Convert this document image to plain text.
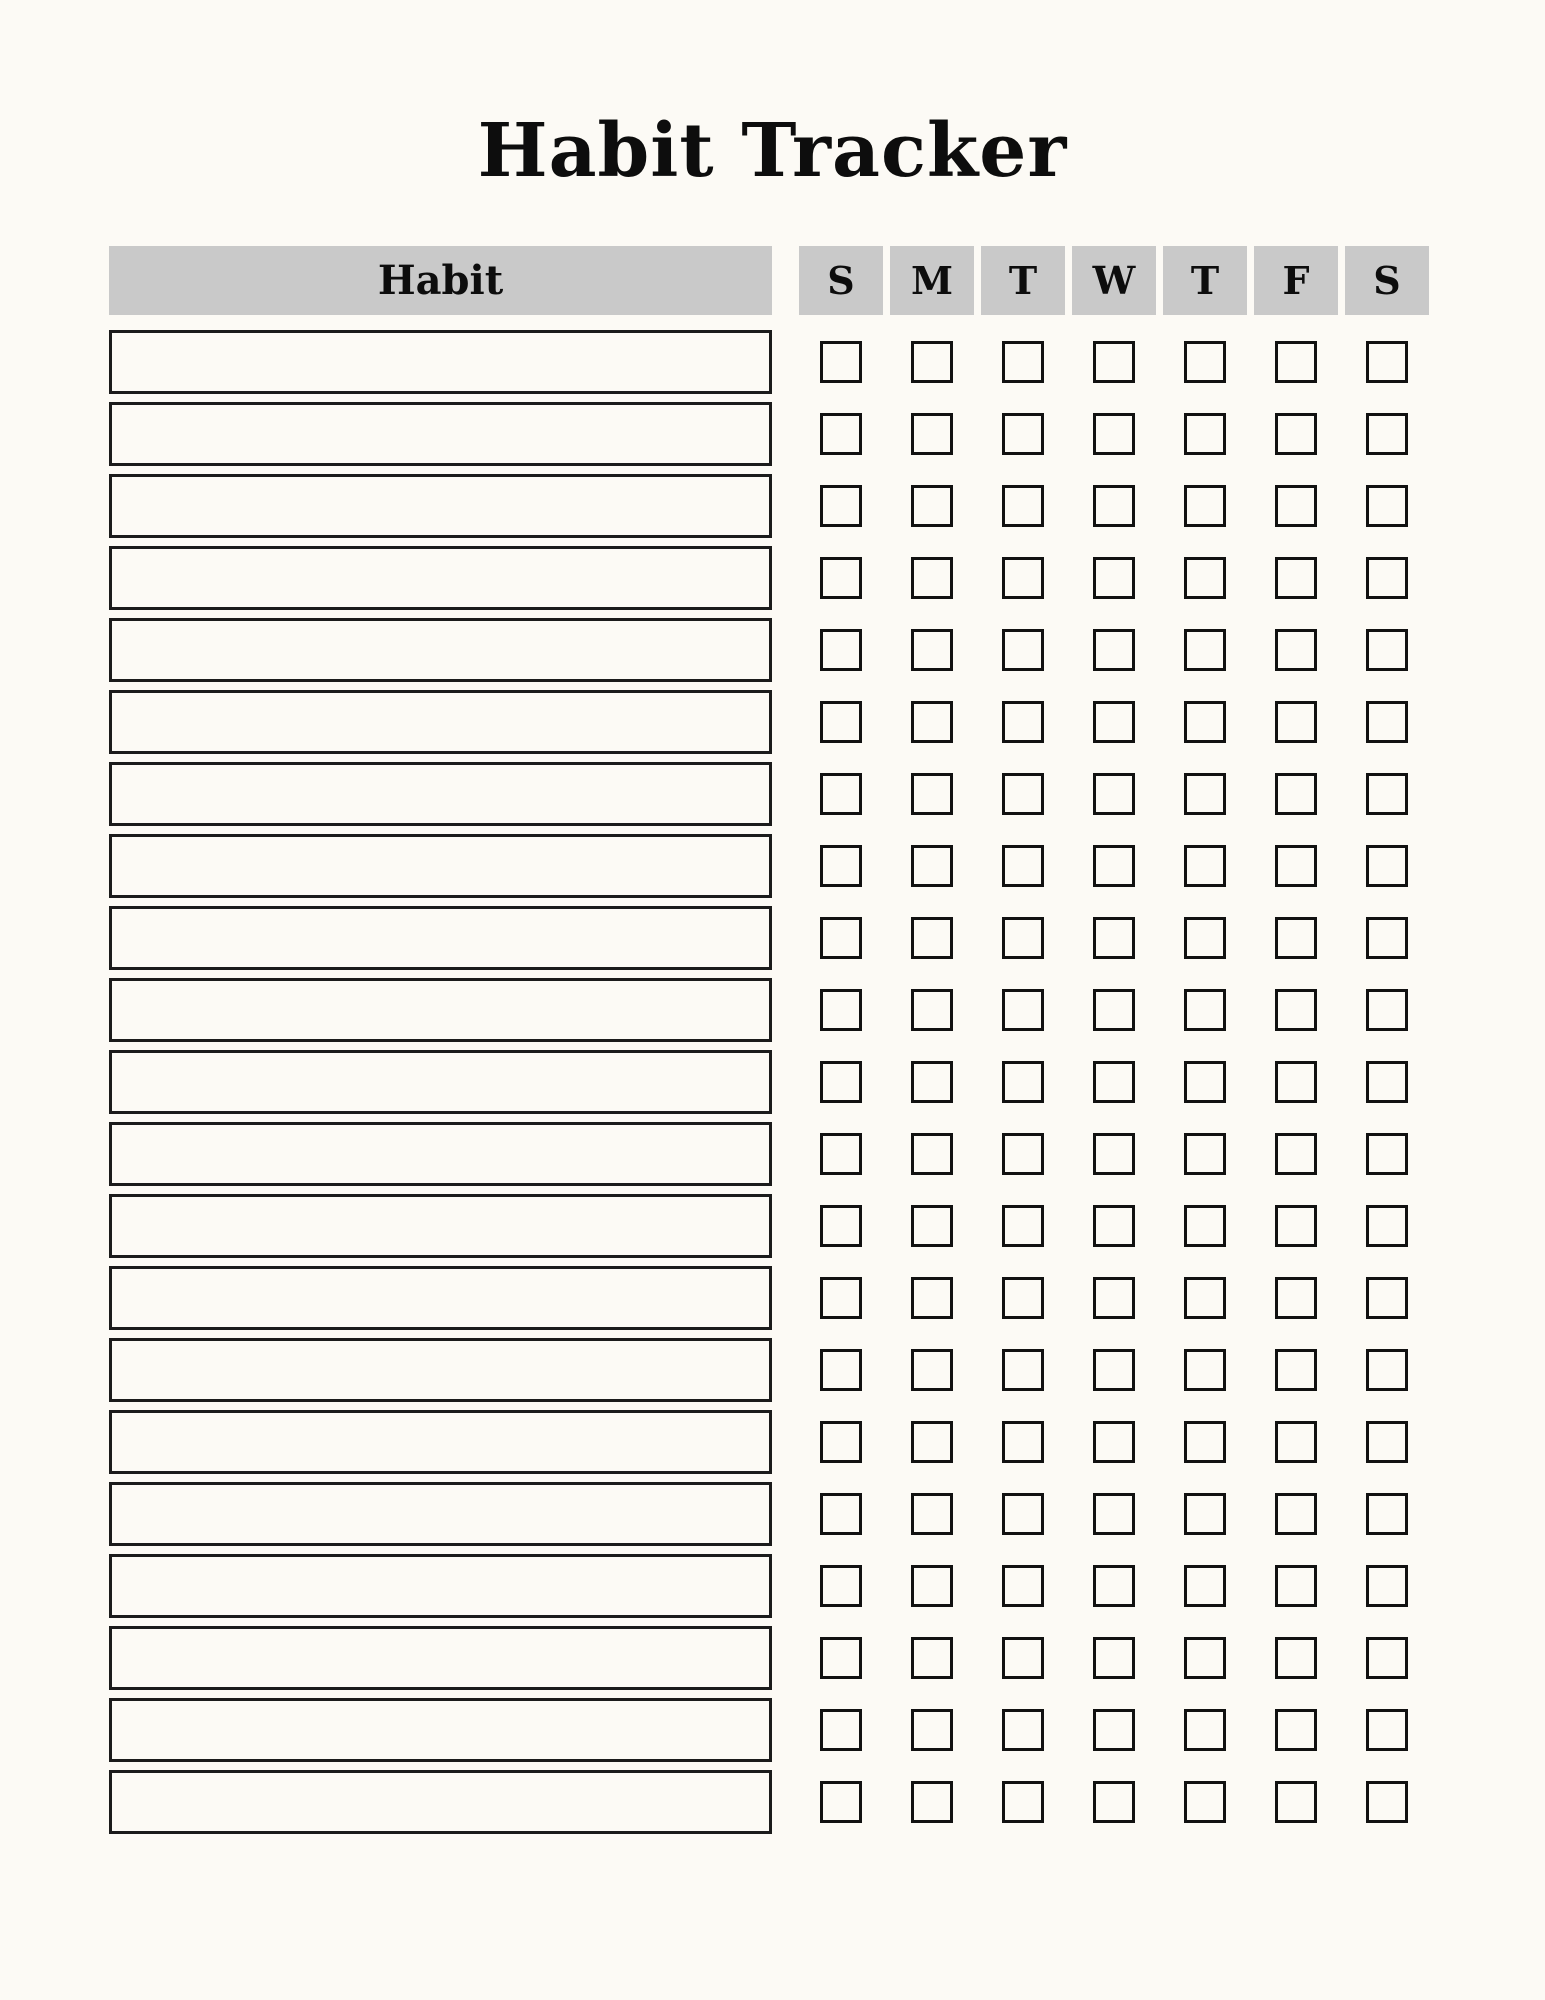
Habit Tracker
Habit	S	M	T	W	T	F	S
